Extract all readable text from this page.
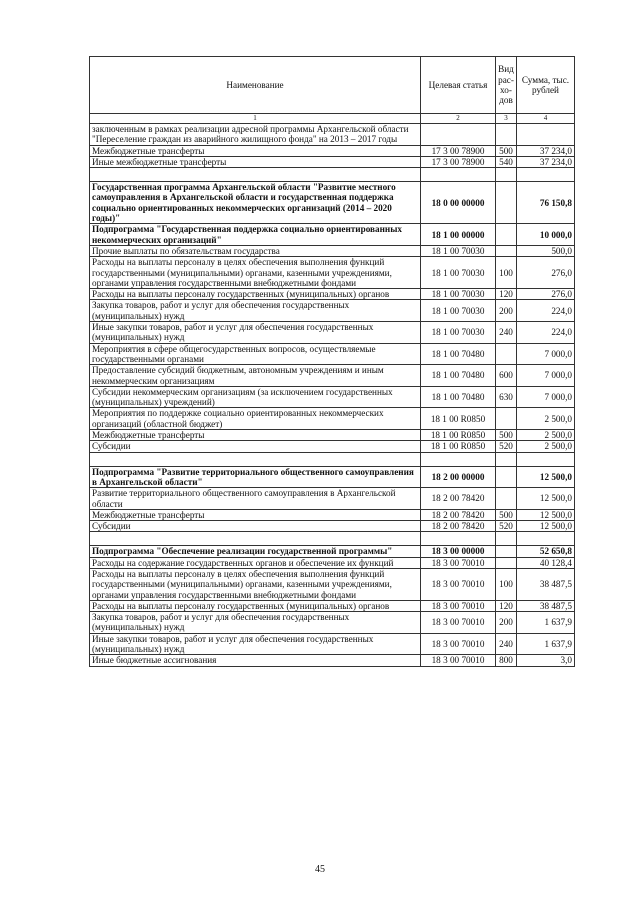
Наименование	Целевая статья	Вид рас-хо-дов	Сумма, тыс. рублей
1	2	3	4
заключенным в рамках реализации адресной программы Архангельской области "Переселение граждан из аварийного жилищного фонда" на 2013 – 2017 годы			
Межбюджетные трансферты	17 3 00 78900	500	37 234,0
Иные межбюджетные трансферты	17 3 00 78900	540	37 234,0

Государственная программа Архангельской области "Развитие местного самоуправления в Архангельской области и государственная поддержка социально ориентированных некоммерческих организаций (2014 – 2020 годы)"	18 0 00 00000		76 150,8
Подпрограмма "Государственная поддержка социально ориентированных некоммерческих организаций"	18 1 00 00000		10 000,0
Прочие выплаты по обязательствам государства	18 1 00 70030		500,0
Расходы на выплаты персоналу в целях обеспечения выполнения функций государственными (муниципальными) органами, казенными учреждениями, органами управления государственными внебюджетными фондами	18 1 00 70030	100	276,0
Расходы на выплаты персоналу государственных (муниципальных) органов	18 1 00 70030	120	276,0
Закупка товаров, работ и услуг для обеспечения государственных (муниципальных) нужд	18 1 00 70030	200	224,0
Иные закупки товаров, работ и услуг для обеспечения государственных (муниципальных) нужд	18 1 00 70030	240	224,0
Мероприятия в сфере общегосударственных вопросов, осуществляемые государственными органами	18 1 00 70480		7 000,0
Предоставление субсидий бюджетным, автономным учреждениям и иным некоммерческим организациям	18 1 00 70480	600	7 000,0
Субсидии некоммерческим организациям (за исключением государственных (муниципальных) учреждений)	18 1 00 70480	630	7 000,0
Мероприятия по поддержке социально ориентированных некоммерческих организаций (областной бюджет)	18 1 00 R0850		2 500,0
Межбюджетные трансферты	18 1 00 R0850	500	2 500,0
Субсидии	18 1 00 R0850	520	2 500,0

Подпрограмма "Развитие территориального общественного самоуправления в Архангельской области"	18 2 00 00000		12 500,0
Развитие территориального общественного самоуправления в Архангельской области	18 2 00 78420		12 500,0
Межбюджетные трансферты	18 2 00 78420	500	12 500,0
Субсидии	18 2 00 78420	520	12 500,0

Подпрограмма "Обеспечение реализации государственной программы"	18 3 00 00000		52 650,8
Расходы на содержание государственных органов и обеспечение их функций	18 3 00 70010		40 128,4
Расходы на выплаты персоналу в целях обеспечения выполнения функций государственными (муниципальными) органами, казенными учреждениями, органами управления государственными внебюджетными фондами	18 3 00 70010	100	38 487,5
Расходы на выплаты персоналу государственных (муниципальных) органов	18 3 00 70010	120	38 487,5
Закупка товаров, работ и услуг для обеспечения государственных (муниципальных) нужд	18 3 00 70010	200	1 637,9
Иные закупки товаров, работ и услуг для обеспечения государственных (муниципальных) нужд	18 3 00 70010	240	1 637,9
Иные бюджетные ассигнования	18 3 00 70010	800	3,0
45
